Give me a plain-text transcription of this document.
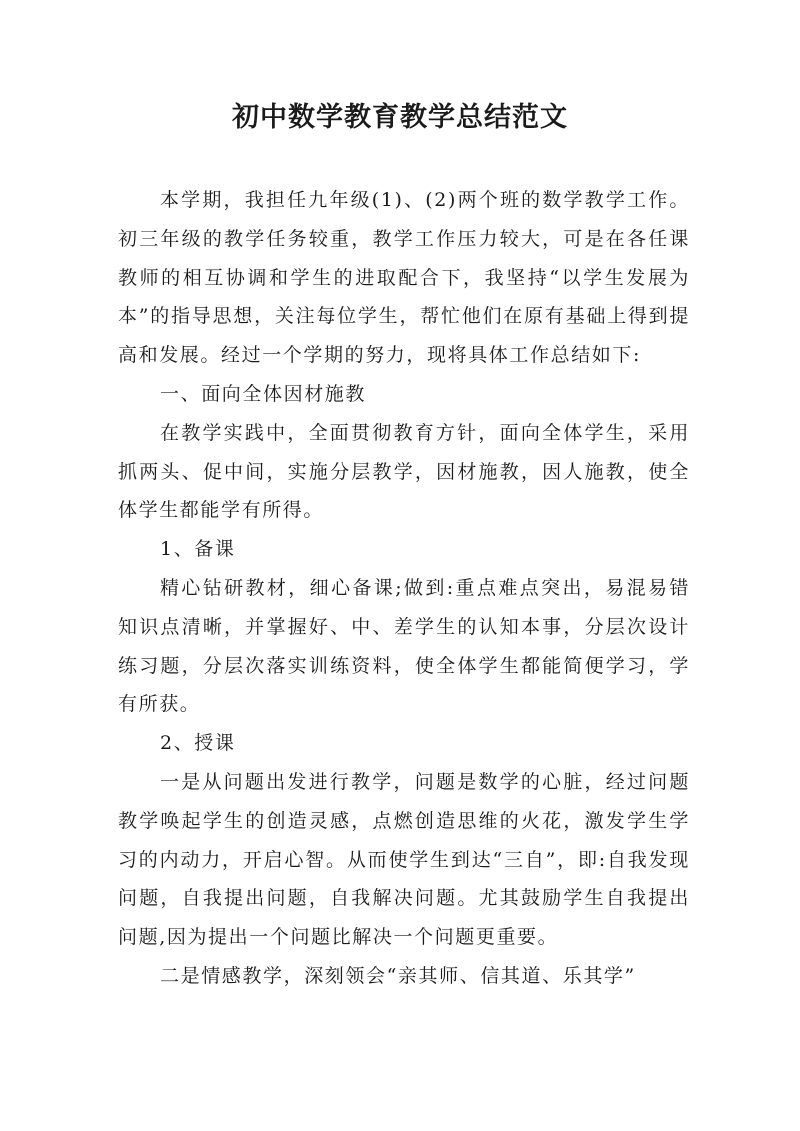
初中数学教育教学总结范文

本学期，我担任九年级(1)、(2)两个班的数学教学工作。初三年级的教学任务较重，教学工作压力较大，可是在各任课教师的相互协调和学生的进取配合下，我坚持“以学生发展为本”的指导思想，关注每位学生，帮忙他们在原有基础上得到提高和发展。经过一个学期的努力，现将具体工作总结如下:

一、面向全体因材施教

在教学实践中，全面贯彻教育方针，面向全体学生，采用抓两头、促中间，实施分层教学，因材施教，因人施教，使全体学生都能学有所得。

1、备课

精心钻研教材，细心备课;做到:重点难点突出，易混易错知识点清晰，并掌握好、中、差学生的认知本事，分层次设计练习题，分层次落实训练资料，使全体学生都能简便学习，学有所获。

2、授课

一是从问题出发进行教学，问题是数学的心脏，经过问题教学唤起学生的创造灵感，点燃创造思维的火花，激发学生学习的内动力，开启心智。从而使学生到达“三自”，即:自我发现问题，自我提出问题，自我解决问题。尤其鼓励学生自我提出问题,因为提出一个问题比解决一个问题更重要。

二是情感教学，深刻领会“亲其师、信其道、乐其学”
